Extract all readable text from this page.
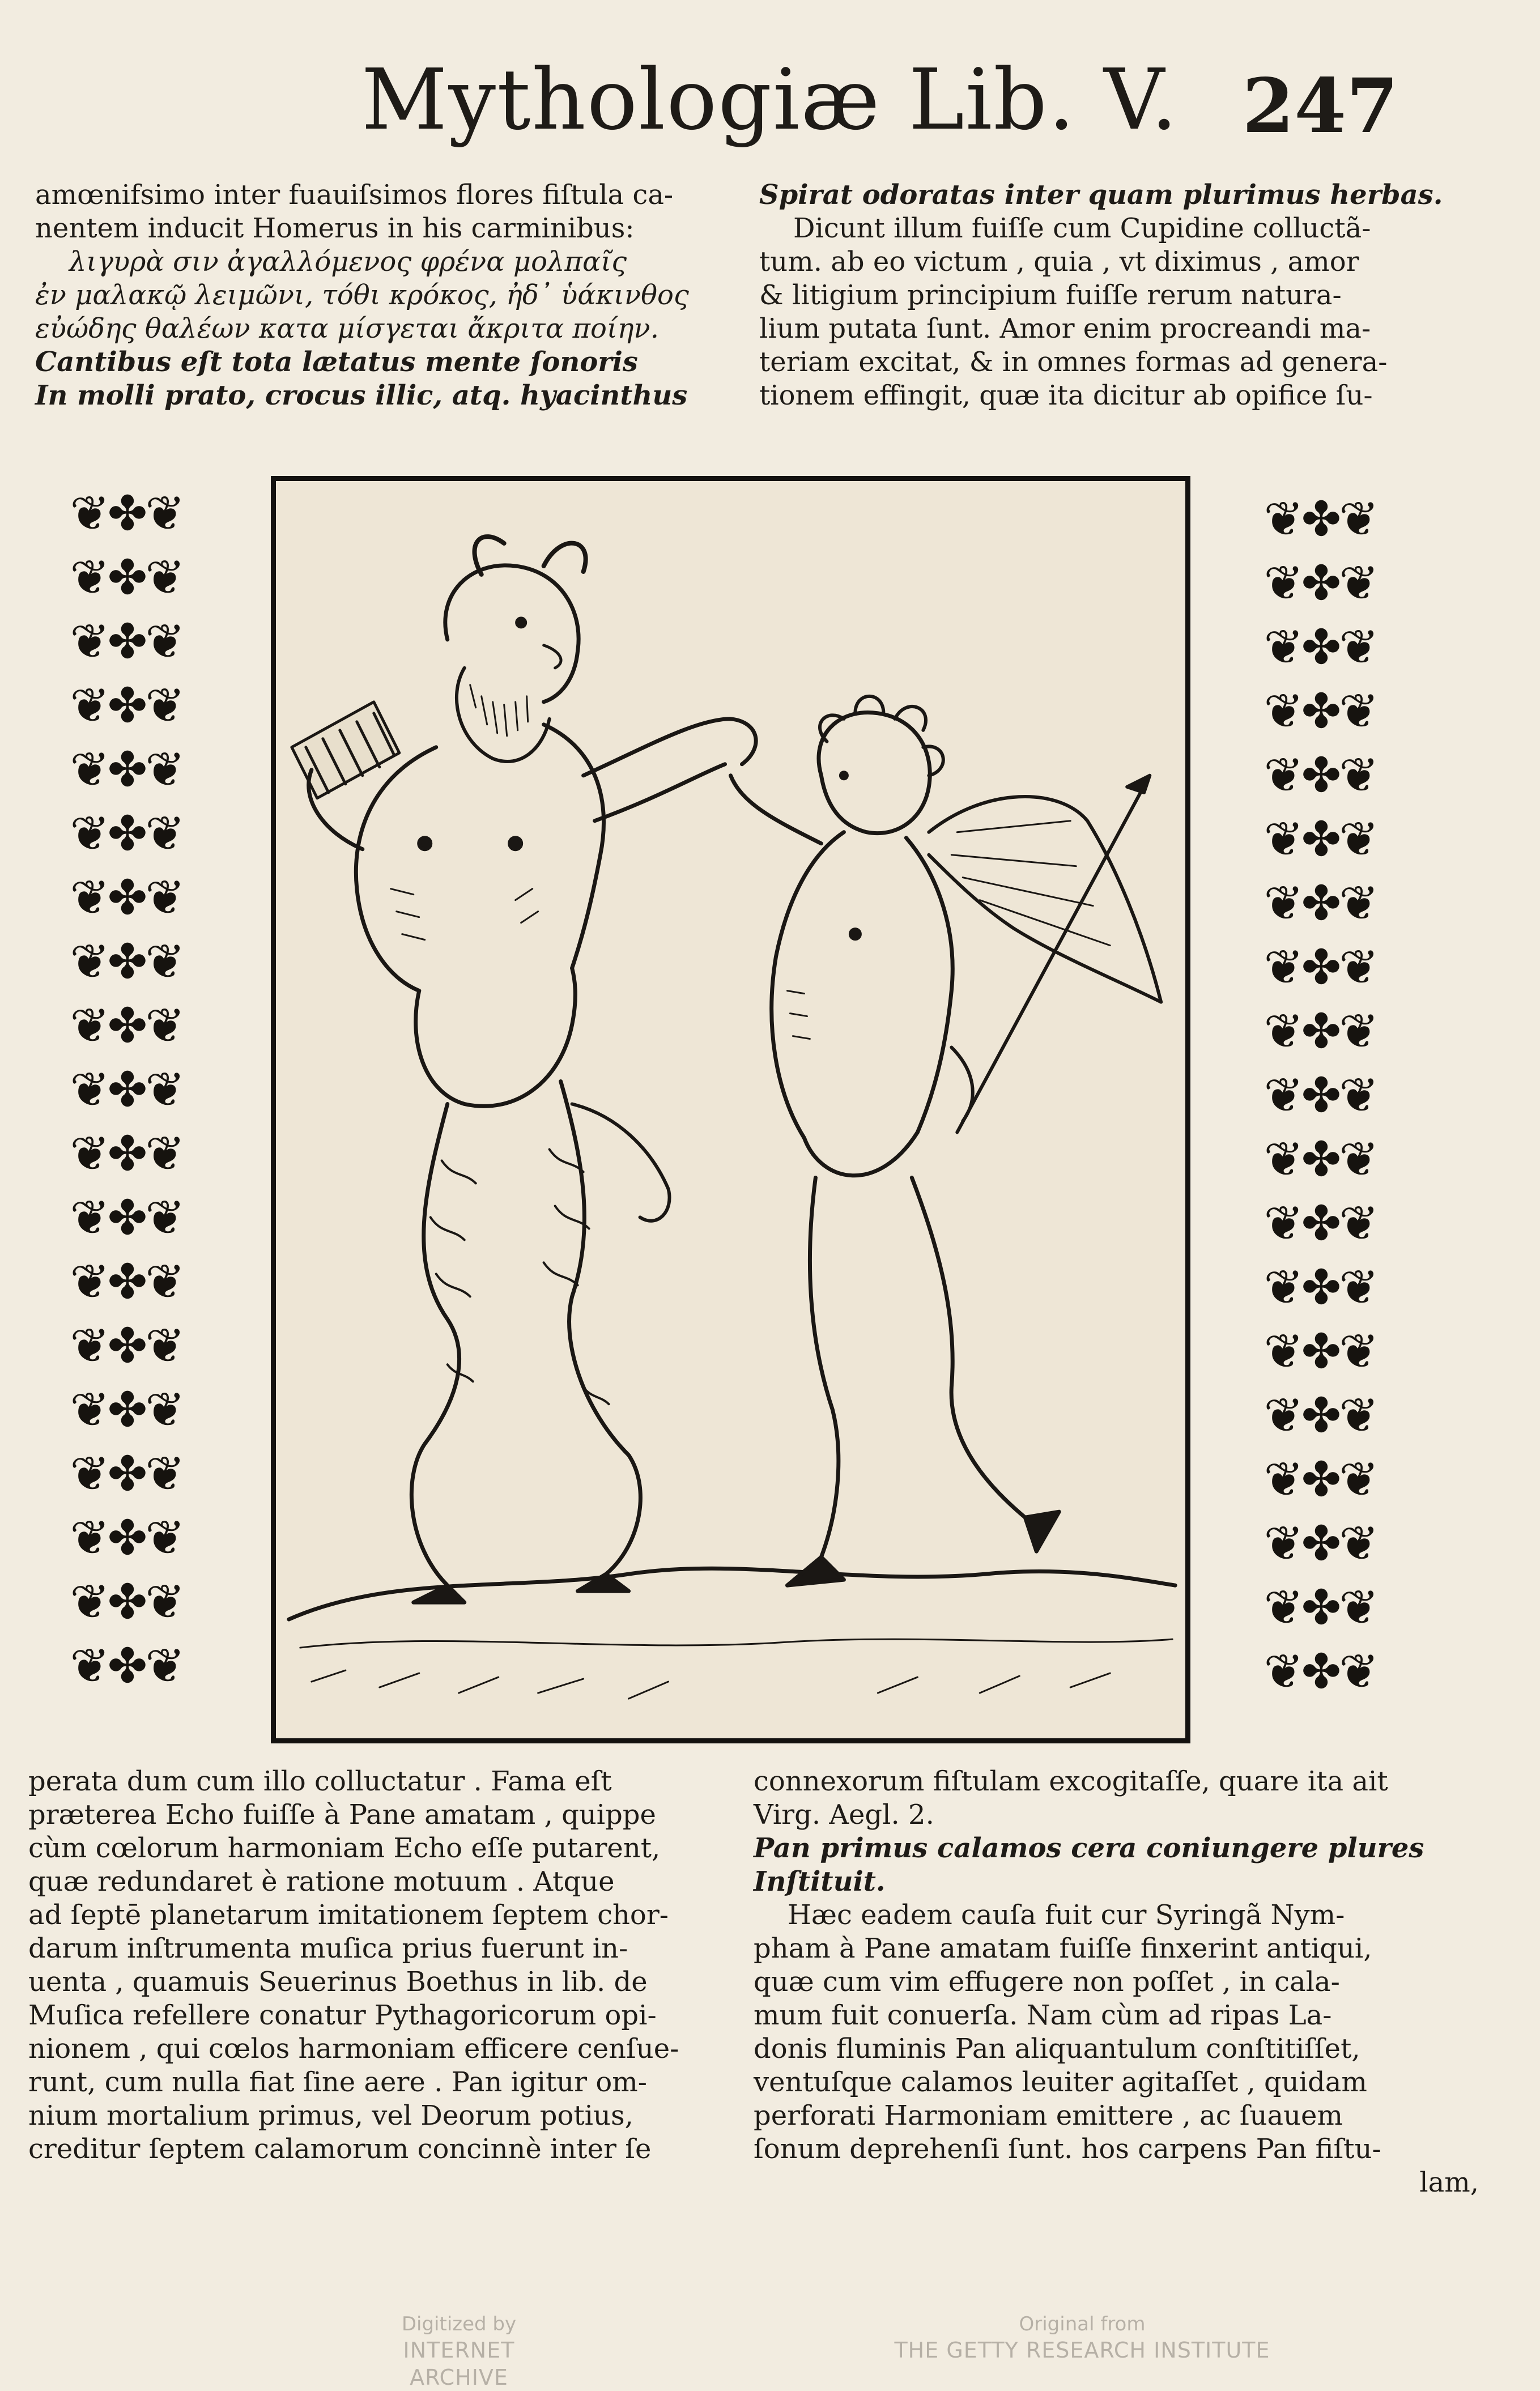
Mythologiæ Lib. V. 247
amœnifsimo inter fuauiſsimos flores fiſtula ca-
nentem inducit Homerus in his carminibus:
λιγυρὰ σιν ἀγαλλόμενος φρένα μολπαῖς
ἐν μαλακῷ λειμῶνι, τόθι κρόκος, ἠδ᾽ ὑάκινθος
εὐώδης θαλέων κατα μίσγεται ἄκριτα ποίην.
Cantibus eſt tota lætatus mente ſonoris
In molli prato, crocus illic, atq. hyacinthus
Spirat odoratas inter quam plurimus herbas.
Dicunt illum fuiſſe cum Cupidine colluctã-
tum. ab eo victum , quia , vt diximus , amor
& litigium principium fuiſſe rerum natura-
lium putata ſunt. Amor enim procreandi ma-
teriam excitat, & in omnes formas ad genera-
tionem effingit, quæ ita dicitur ab opifice ſu-
❦✤❦
❦✤❦
❦✤❦
❦✤❦
❦✤❦
❦✤❦
❦✤❦
❦✤❦
❦✤❦
❦✤❦
❦✤❦
❦✤❦
❦✤❦
❦✤❦
❦✤❦
❦✤❦
❦✤❦
❦✤❦
❦✤❦
❦✤❦
❦✤❦
❦✤❦
❦✤❦
❦✤❦
❦✤❦
❦✤❦
❦✤❦
❦✤❦
❦✤❦
❦✤❦
❦✤❦
❦✤❦
❦✤❦
❦✤❦
❦✤❦
❦✤❦
❦✤❦
❦✤❦
perata dum cum illo colluctatur . Fama eſt
præterea Echo fuiſſe à Pane amatam , quippe
cùm cœlorum harmoniam Echo eſſe putarent,
quæ redundaret è ratione motuum . Atque
ad ſeptē planetarum imitationem ſeptem chor-
darum inſtrumenta muſica prius fuerunt in-
uenta , quamuis Seuerinus Boethus in lib. de
Muſica refellere conatur Pythagoricorum opi-
nionem , qui cœlos harmoniam efficere cenſue-
runt, cum nulla fiat ſine aere . Pan igitur om-
nium mortalium primus, vel Deorum potius,
creditur ſeptem calamorum concinnè inter ſe
connexorum fiſtulam excogitaſſe, quare ita ait
Virg. Aegl. 2.
Pan primus calamos cera coniungere plures
Inſtituit.
Hæc eadem cauſa fuit cur Syringã Nym-
pham à Pane amatam fuiſſe finxerint antiqui,
quæ cum vim effugere non poſſet , in cala-
mum fuit conuerſa. Nam cùm ad ripas La-
donis fluminis Pan aliquantulum conſtitiſſet,
ventuſque calamos leuiter agitaſſet , quidam
perforati Harmoniam emittere , ac ſuauem
ſonum deprehenſi ſunt. hos carpens Pan fiſtu-
lam,
Digitized by
INTERNET ARCHIVE
Original from
THE GETTY RESEARCH INSTITUTE
